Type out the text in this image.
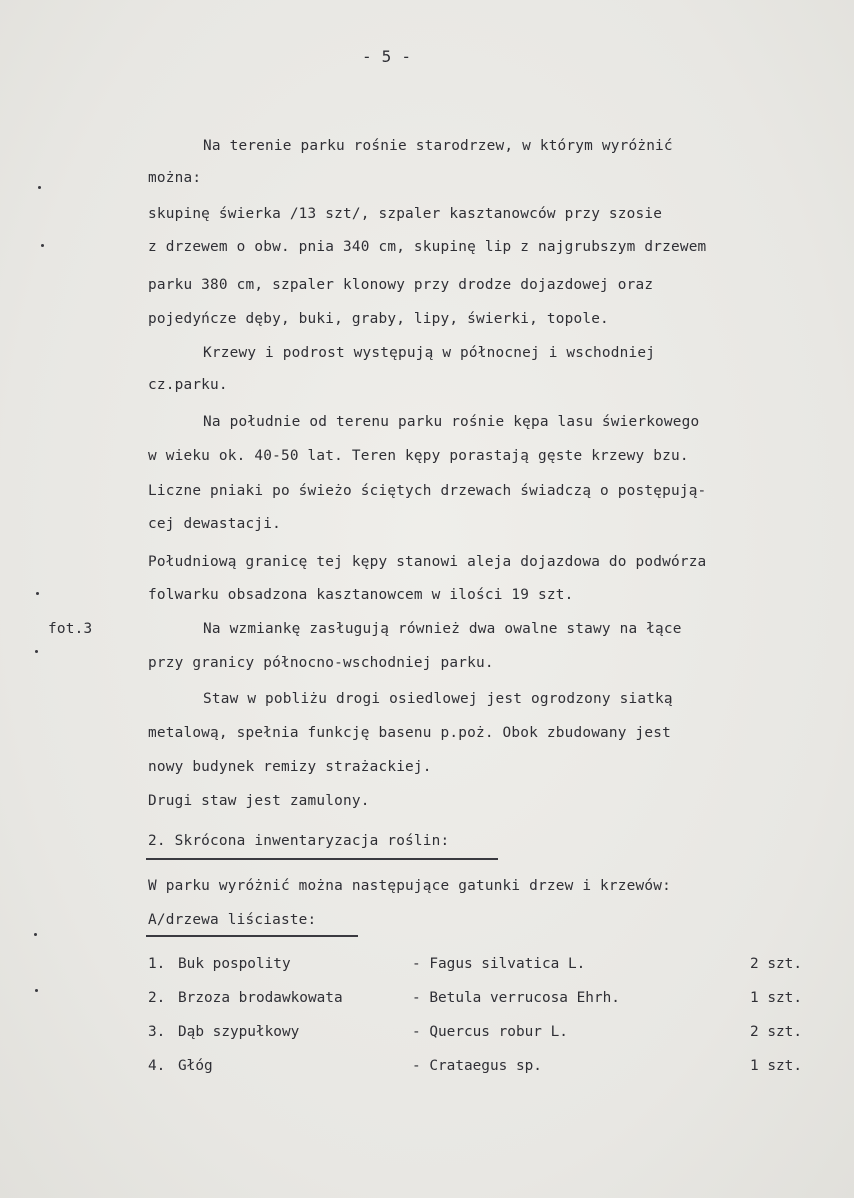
- 5 -
Na terenie parku rośnie starodrzew, w którym wyróżnić
można:
skupinę świerka /13 szt/, szpaler kasztanowców przy szosie
z drzewem o obw. pnia 340 cm, skupinę lip z najgrubszym drzewem
parku 380 cm, szpaler klonowy przy drodze dojazdowej oraz
pojedyńcze dęby, buki, graby, lipy, świerki, topole.
Krzewy i podrost występują w północnej i wschodniej
cz.parku.
Na południe od terenu parku rośnie kępa lasu świerkowego
w wieku ok. 40-50 lat. Teren kępy porastają gęste krzewy bzu.
Liczne pniaki po świeżo ściętych drzewach świadczą o postępują-
cej dewastacji.
Południową granicę tej kępy stanowi aleja dojazdowa do podwórza
folwarku obsadzona kasztanowcem w ilości 19 szt.
fot.3	Na wzmiankę zasługują również dwa owalne stawy na łące
przy granicy północno-wschodniej parku.
Staw w pobliżu drogi osiedlowej jest ogrodzony siatką
metalową, spełnia funkcję basenu p.poż. Obok zbudowany jest
nowy budynek remizy strażackiej.
Drugi staw jest zamulony.
2. Skrócona inwentaryzacja roślin:
W parku wyróżnić można następujące gatunki drzew i krzewów:
A/drzewa liściaste:
1. Buk pospolity	- Fagus silvatica L.	2 szt.
2. Brzoza brodawkowata	- Betula verrucosa Ehrh.	1 szt.
3. Dąb szypułkowy	- Quercus robur L.	2 szt.
4. Głóg	- Crataegus sp.	1 szt.
